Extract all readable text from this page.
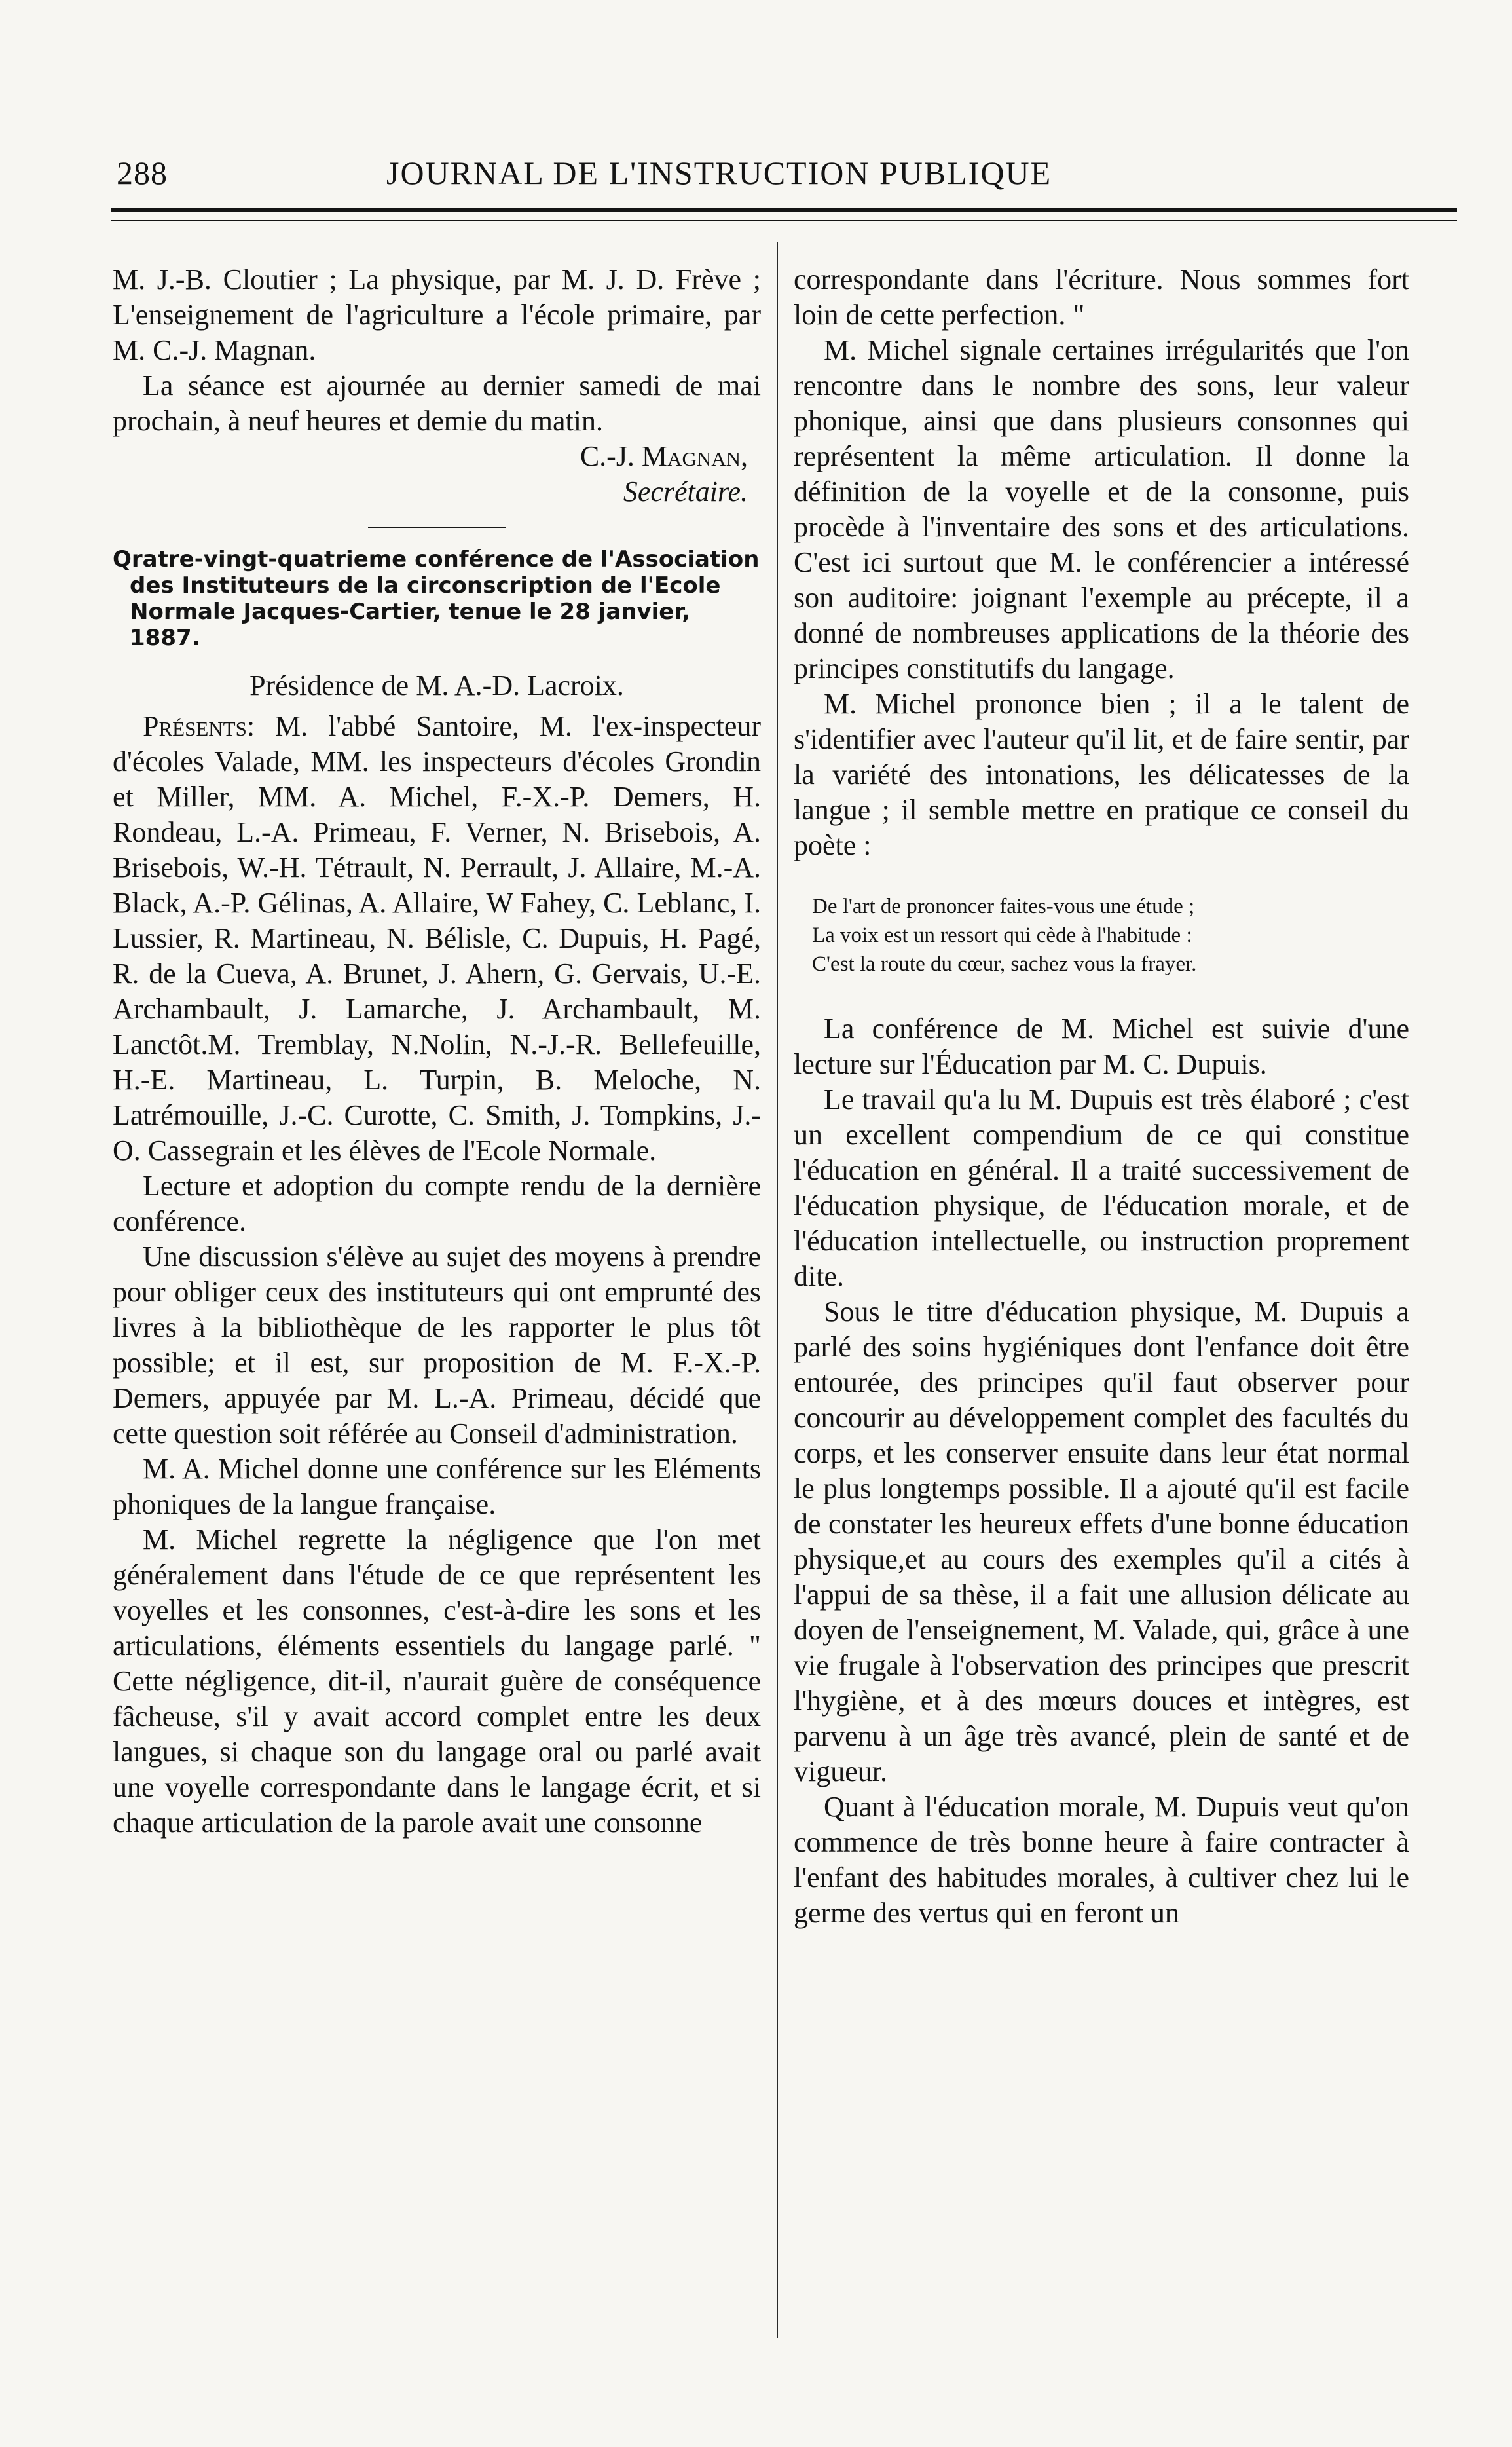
288	JOURNAL DE L'INSTRUCTION PUBLIQUE

M. J.-B. Cloutier ; La physique, par M. J. D. Frève ; L'enseignement de l'agriculture a l'école primaire, par M. C.-J. Magnan.

La séance est ajournée au dernier samedi de mai prochain, à neuf heures et demie du matin.

C.-J. Magnan,

Secrétaire.

Qratre-vingt-quatrieme conférence de l'Association des Instituteurs de la circonscription de l'Ecole Normale Jacques-Cartier, tenue le 28 janvier, 1887.

Présidence de M. A.-D. Lacroix.

Présents: M. l'abbé Santoire, M. l'ex-inspecteur d'écoles Valade, MM. les inspecteurs d'écoles Grondin et Miller, MM. A. Michel, F.-X.-P. Demers, H. Rondeau, L.-A. Primeau, F. Verner, N. Brisebois, A. Brisebois, W.-H. Tétrault, N. Perrault, J. Allaire, M.-A. Black, A.-P. Gélinas, A. Allaire, W Fahey, C. Leblanc, I. Lussier, R. Martineau, N. Bélisle, C. Dupuis, H. Pagé, R. de la Cueva, A. Brunet, J. Ahern, G. Gervais, U.-E. Archambault, J. Lamarche, J. Archambault, M. Lanctôt.M. Tremblay, N.Nolin, N.-J.-R. Bellefeuille, H.-E. Martineau, L. Turpin, B. Meloche, N. Latrémouille, J.-C. Curotte, C. Smith, J. Tompkins, J.-O. Cassegrain et les élèves de l'Ecole Normale.

Lecture et adoption du compte rendu de la dernière conférence.

Une discussion s'élève au sujet des moyens à prendre pour obliger ceux des instituteurs qui ont emprunté des livres à la bibliothèque de les rapporter le plus tôt possible; et il est, sur proposition de M. F.-X.-P. Demers, appuyée par M. L.-A. Primeau, décidé que cette question soit référée au Conseil d'administration.

M. A. Michel donne une conférence sur les Eléments phoniques de la langue française.

M. Michel regrette la négligence que l'on met généralement dans l'étude de ce que représentent les voyelles et les consonnes, c'est-à-dire les sons et les articulations, éléments essentiels du langage parlé. " Cette négligence, dit-il, n'aurait guère de conséquence fâcheuse, s'il y avait accord complet entre les deux langues, si chaque son du langage oral ou parlé avait une voyelle correspondante dans le langage écrit, et si chaque articulation de la parole avait une consonne

correspondante dans l'écriture. Nous sommes fort loin de cette perfection. "

M. Michel signale certaines irrégularités que l'on rencontre dans le nombre des sons, leur valeur phonique, ainsi que dans plusieurs consonnes qui représentent la même articulation. Il donne la définition de la voyelle et de la consonne, puis procède à l'inventaire des sons et des articulations. C'est ici surtout que M. le conférencier a intéressé son auditoire: joignant l'exemple au précepte, il a donné de nombreuses applications de la théorie des principes constitutifs du langage.

M. Michel prononce bien ; il a le talent de s'identifier avec l'auteur qu'il lit, et de faire sentir, par la variété des intonations, les délicatesses de la langue ; il semble mettre en pratique ce conseil du poète :

De l'art de prononcer faites-vous une étude ;
La voix est un ressort qui cède à l'habitude :
C'est la route du cœur, sachez vous la frayer.

La conférence de M. Michel est suivie d'une lecture sur l'Éducation par M. C. Dupuis.

Le travail qu'a lu M. Dupuis est très élaboré ; c'est un excellent compendium de ce qui constitue l'éducation en général. Il a traité successivement de l'éducation physique, de l'éducation morale, et de l'éducation intellectuelle, ou instruction proprement dite.

Sous le titre d'éducation physique, M. Dupuis a parlé des soins hygiéniques dont l'enfance doit être entourée, des principes qu'il faut observer pour concourir au développement complet des facultés du corps, et les conserver ensuite dans leur état normal le plus longtemps possible. Il a ajouté qu'il est facile de constater les heureux effets d'une bonne éducation physique,et au cours des exemples qu'il a cités à l'appui de sa thèse, il a fait une allusion délicate au doyen de l'enseignement, M. Valade, qui, grâce à une vie frugale à l'observation des principes que prescrit l'hygiène, et à des mœurs douces et intègres, est parvenu à un âge très avancé, plein de santé et de vigueur.

Quant à l'éducation morale, M. Dupuis veut qu'on commence de très bonne heure à faire contracter à l'enfant des habitudes morales, à cultiver chez lui le germe des vertus qui en feront un
